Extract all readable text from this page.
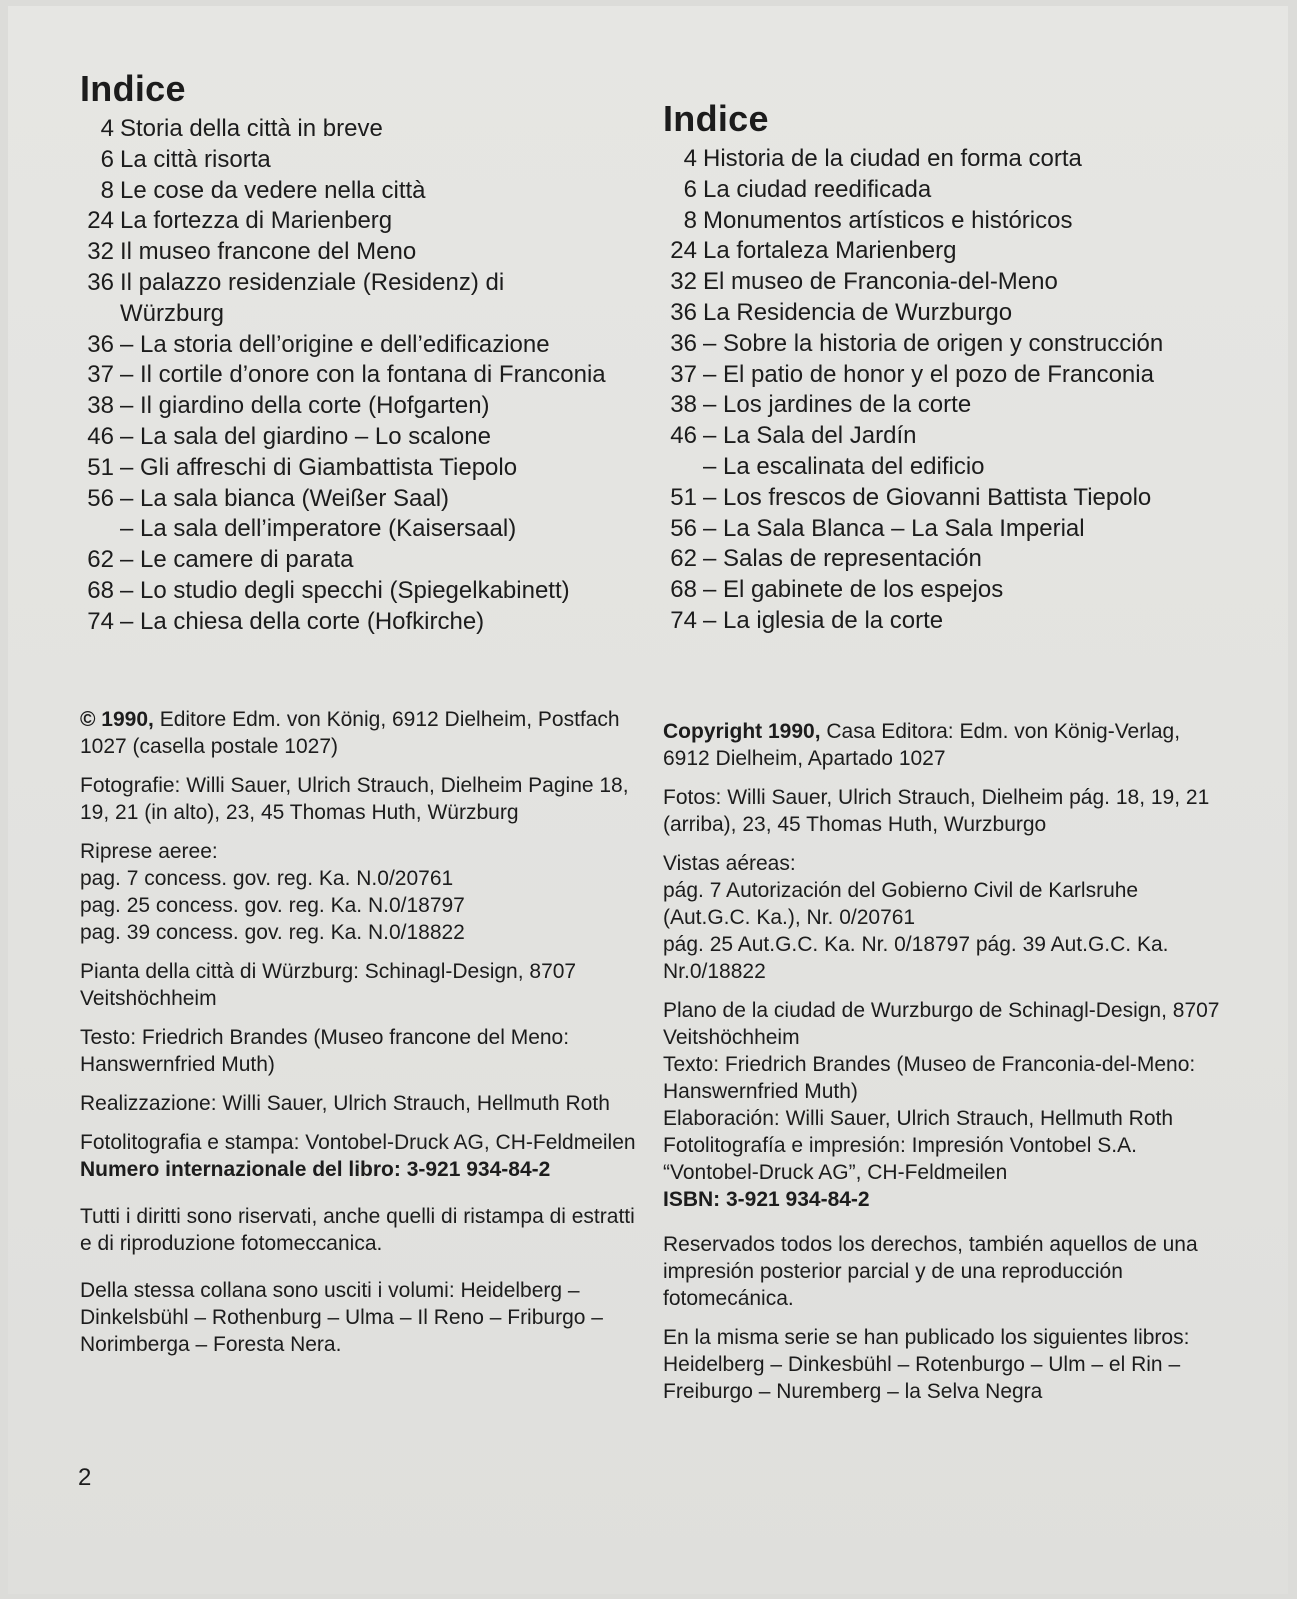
Indice
4 Storia della città in breve
6 La città risorta
8 Le cose da vedere nella città
24 La fortezza di Marienberg
32 Il museo francone del Meno
36 Il palazzo residenziale (Residenz) di
Würzburg
36 – La storia dell’origine e dell’edificazione
37 – Il cortile d’onore con la fontana di Franconia
38 – Il giardino della corte (Hofgarten)
46 – La sala del giardino – Lo scalone
51 – Gli affreschi di Giambattista Tiepolo
56 – La sala bianca (Weißer Saal)
– La sala dell’imperatore (Kaisersaal)
62 – Le camere di parata
68 – Lo studio degli specchi (Spiegelkabinett)
74 – La chiesa della corte (Hofkirche)

© 1990, Editore Edm. von König, 6912 Dielheim, Postfach 1027 (casella postale 1027)

Fotografie: Willi Sauer, Ulrich Strauch, Dielheim Pagine 18, 19, 21 (in alto), 23, 45 Thomas Huth, Würzburg

Riprese aeree:

pag. 7 concess. gov. reg. Ka. N.0/20761
pag. 25 concess. gov. reg. Ka. N.0/18797
pag. 39 concess. gov. reg. Ka. N.0/18822

Pianta della città di Würzburg: Schinagl-Design, 8707 Veitshöchheim

Testo: Friedrich Brandes (Museo francone del Meno: Hanswernfried Muth)

Realizzazione: Willi Sauer, Ulrich Strauch, Hellmuth Roth

Fotolitografia e stampa: Vontobel-Druck AG, CH-Feldmeilen

Numero internazionale del libro: 3-921 934-84-2

Tutti i diritti sono riservati, anche quelli di ristampa di estratti e di riproduzione fotomeccanica.

Della stessa collana sono usciti i volumi: Heidelberg – Dinkelsbühl – Rothenburg – Ulma – Il Reno – Friburgo – Norimberga – Foresta Nera.

Indice
4 Historia de la ciudad en forma corta
6 La ciudad reedificada
8 Monumentos artísticos e históricos
24 La fortaleza Marienberg
32 El museo de Franconia-del-Meno
36 La Residencia de Wurzburgo
36 – Sobre la historia de origen y construcción
37 – El patio de honor y el pozo de Franconia
38 – Los jardines de la corte
46 – La Sala del Jardín
– La escalinata del edificio
51 – Los frescos de Giovanni Battista Tiepolo
56 – La Sala Blanca – La Sala Imperial
62 – Salas de representación
68 – El gabinete de los espejos
74 – La iglesia de la corte

Copyright 1990, Casa Editora: Edm. von König-Verlag, 6912 Dielheim, Apartado 1027

Fotos: Willi Sauer, Ulrich Strauch, Dielheim pág. 18, 19, 21 (arriba), 23, 45 Thomas Huth, Wurzburgo

Vistas aéreas:

pág. 7 Autorización del Gobierno Civil de Karlsruhe (Aut.G.C. Ka.), Nr. 0/20761
pág. 25 Aut.G.C. Ka. Nr. 0/18797 pág. 39 Aut.G.C. Ka. Nr.0/18822

Plano de la ciudad de Wurzburgo de Schinagl-Design, 8707 Veitshöchheim

Texto: Friedrich Brandes (Museo de Franconia-del-Meno: Hanswernfried Muth)

Elaboración: Willi Sauer, Ulrich Strauch, Hellmuth Roth

Fotolitografía e impresión: Impresión Vontobel S.A. “Vontobel-Druck AG”, CH-Feldmeilen

ISBN: 3-921 934-84-2

Reservados todos los derechos, también aquellos de una impresión posterior parcial y de una reproducción fotomecánica.

En la misma serie se han publicado los siguientes libros: Heidelberg – Dinkesbühl – Rotenburgo – Ulm – el Rin – Freiburgo – Nuremberg – la Selva Negra

2
